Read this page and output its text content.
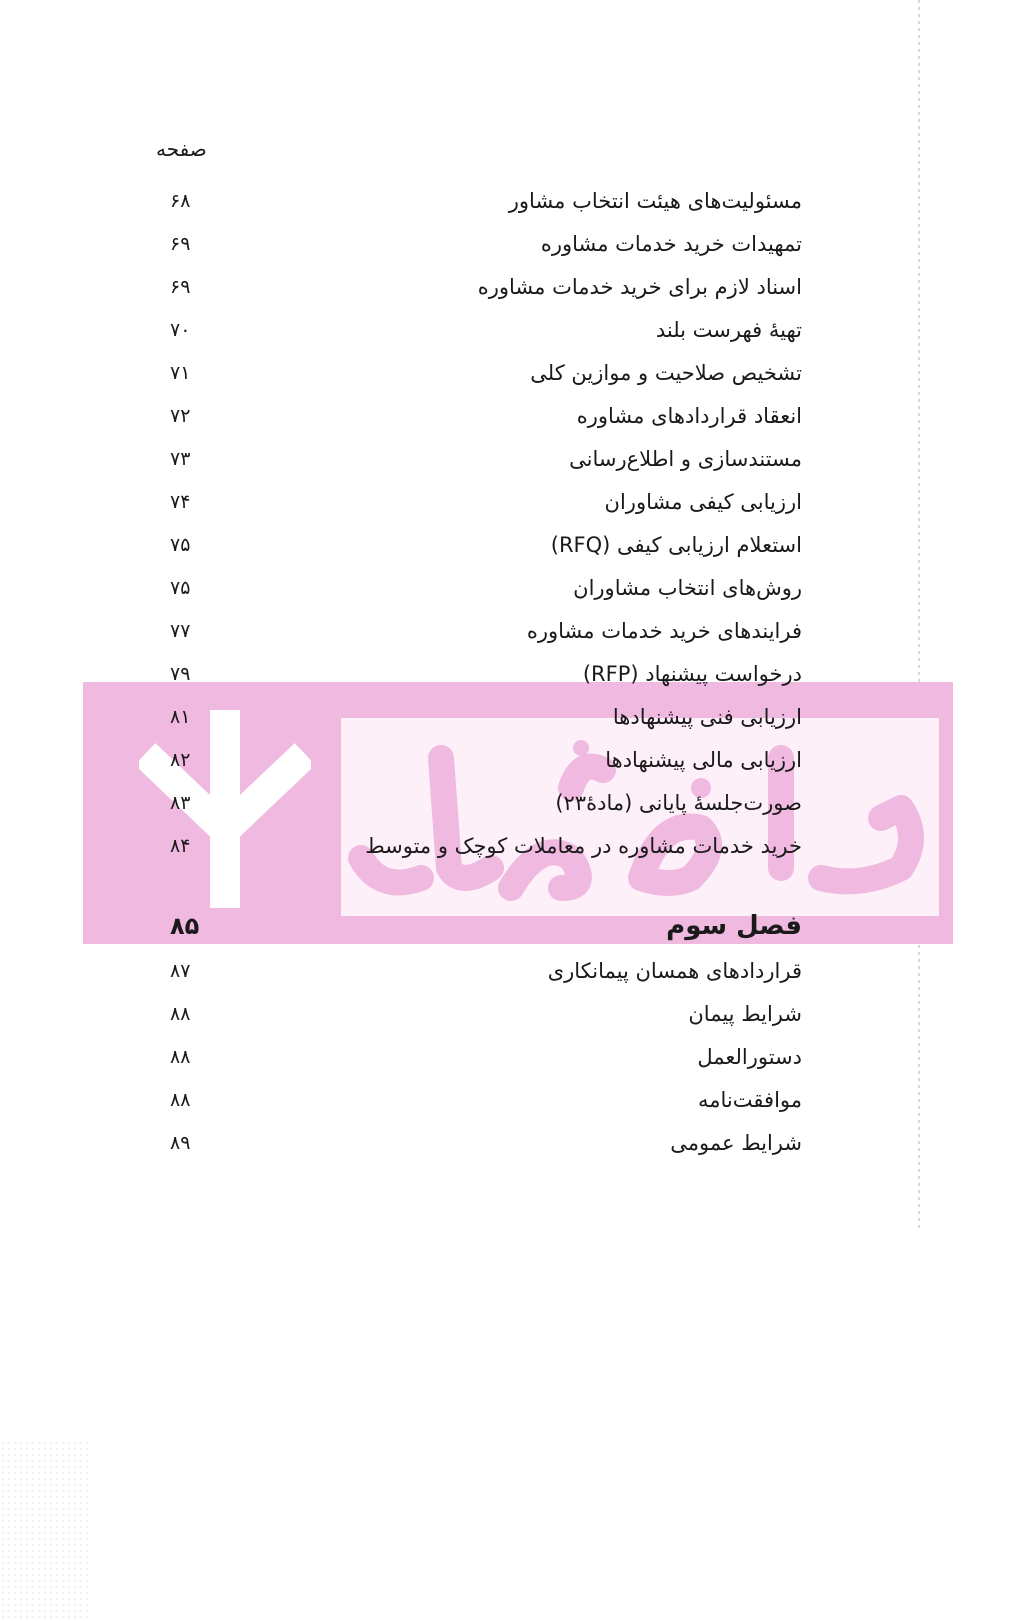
صفحه
مسئولیت‌های هیئت انتخاب مشاور
۶۸
تمهیدات خرید خدمات مشاوره
۶۹
اسناد لازم برای خرید خدمات مشاوره
۶۹
تهیهٔ فهرست بلند
۷۰
تشخیص صلاحیت و موازین کلی
۷۱
انعقاد قراردادهای مشاوره
۷۲
مستندسازی و اطلاع‌رسانی
۷۳
ارزیابی کیفی مشاوران
۷۴
استعلام ارزیابی کیفی (RFQ)
۷۵
روش‌های انتخاب مشاوران
۷۵
فرایندهای خرید خدمات مشاوره
۷۷
درخواست پیشنهاد (RFP)
۷۹
ارزیابی فنی پیشنهادها
۸۱
ارزیابی مالی پیشنهادها
۸۲
صورت‌جلسهٔ پایانی (مادهٔ۲۳)
۸۳
خرید خدمات مشاوره در معاملات کوچک و متوسط
۸۴
فصل سوم
۸۵
قراردادهای همسان پیمانکاری
۸۷
شرایط پیمان
۸۸
دستورالعمل
۸۸
موافقت‌نامه
۸۸
شرایط عمومی
۸۹
